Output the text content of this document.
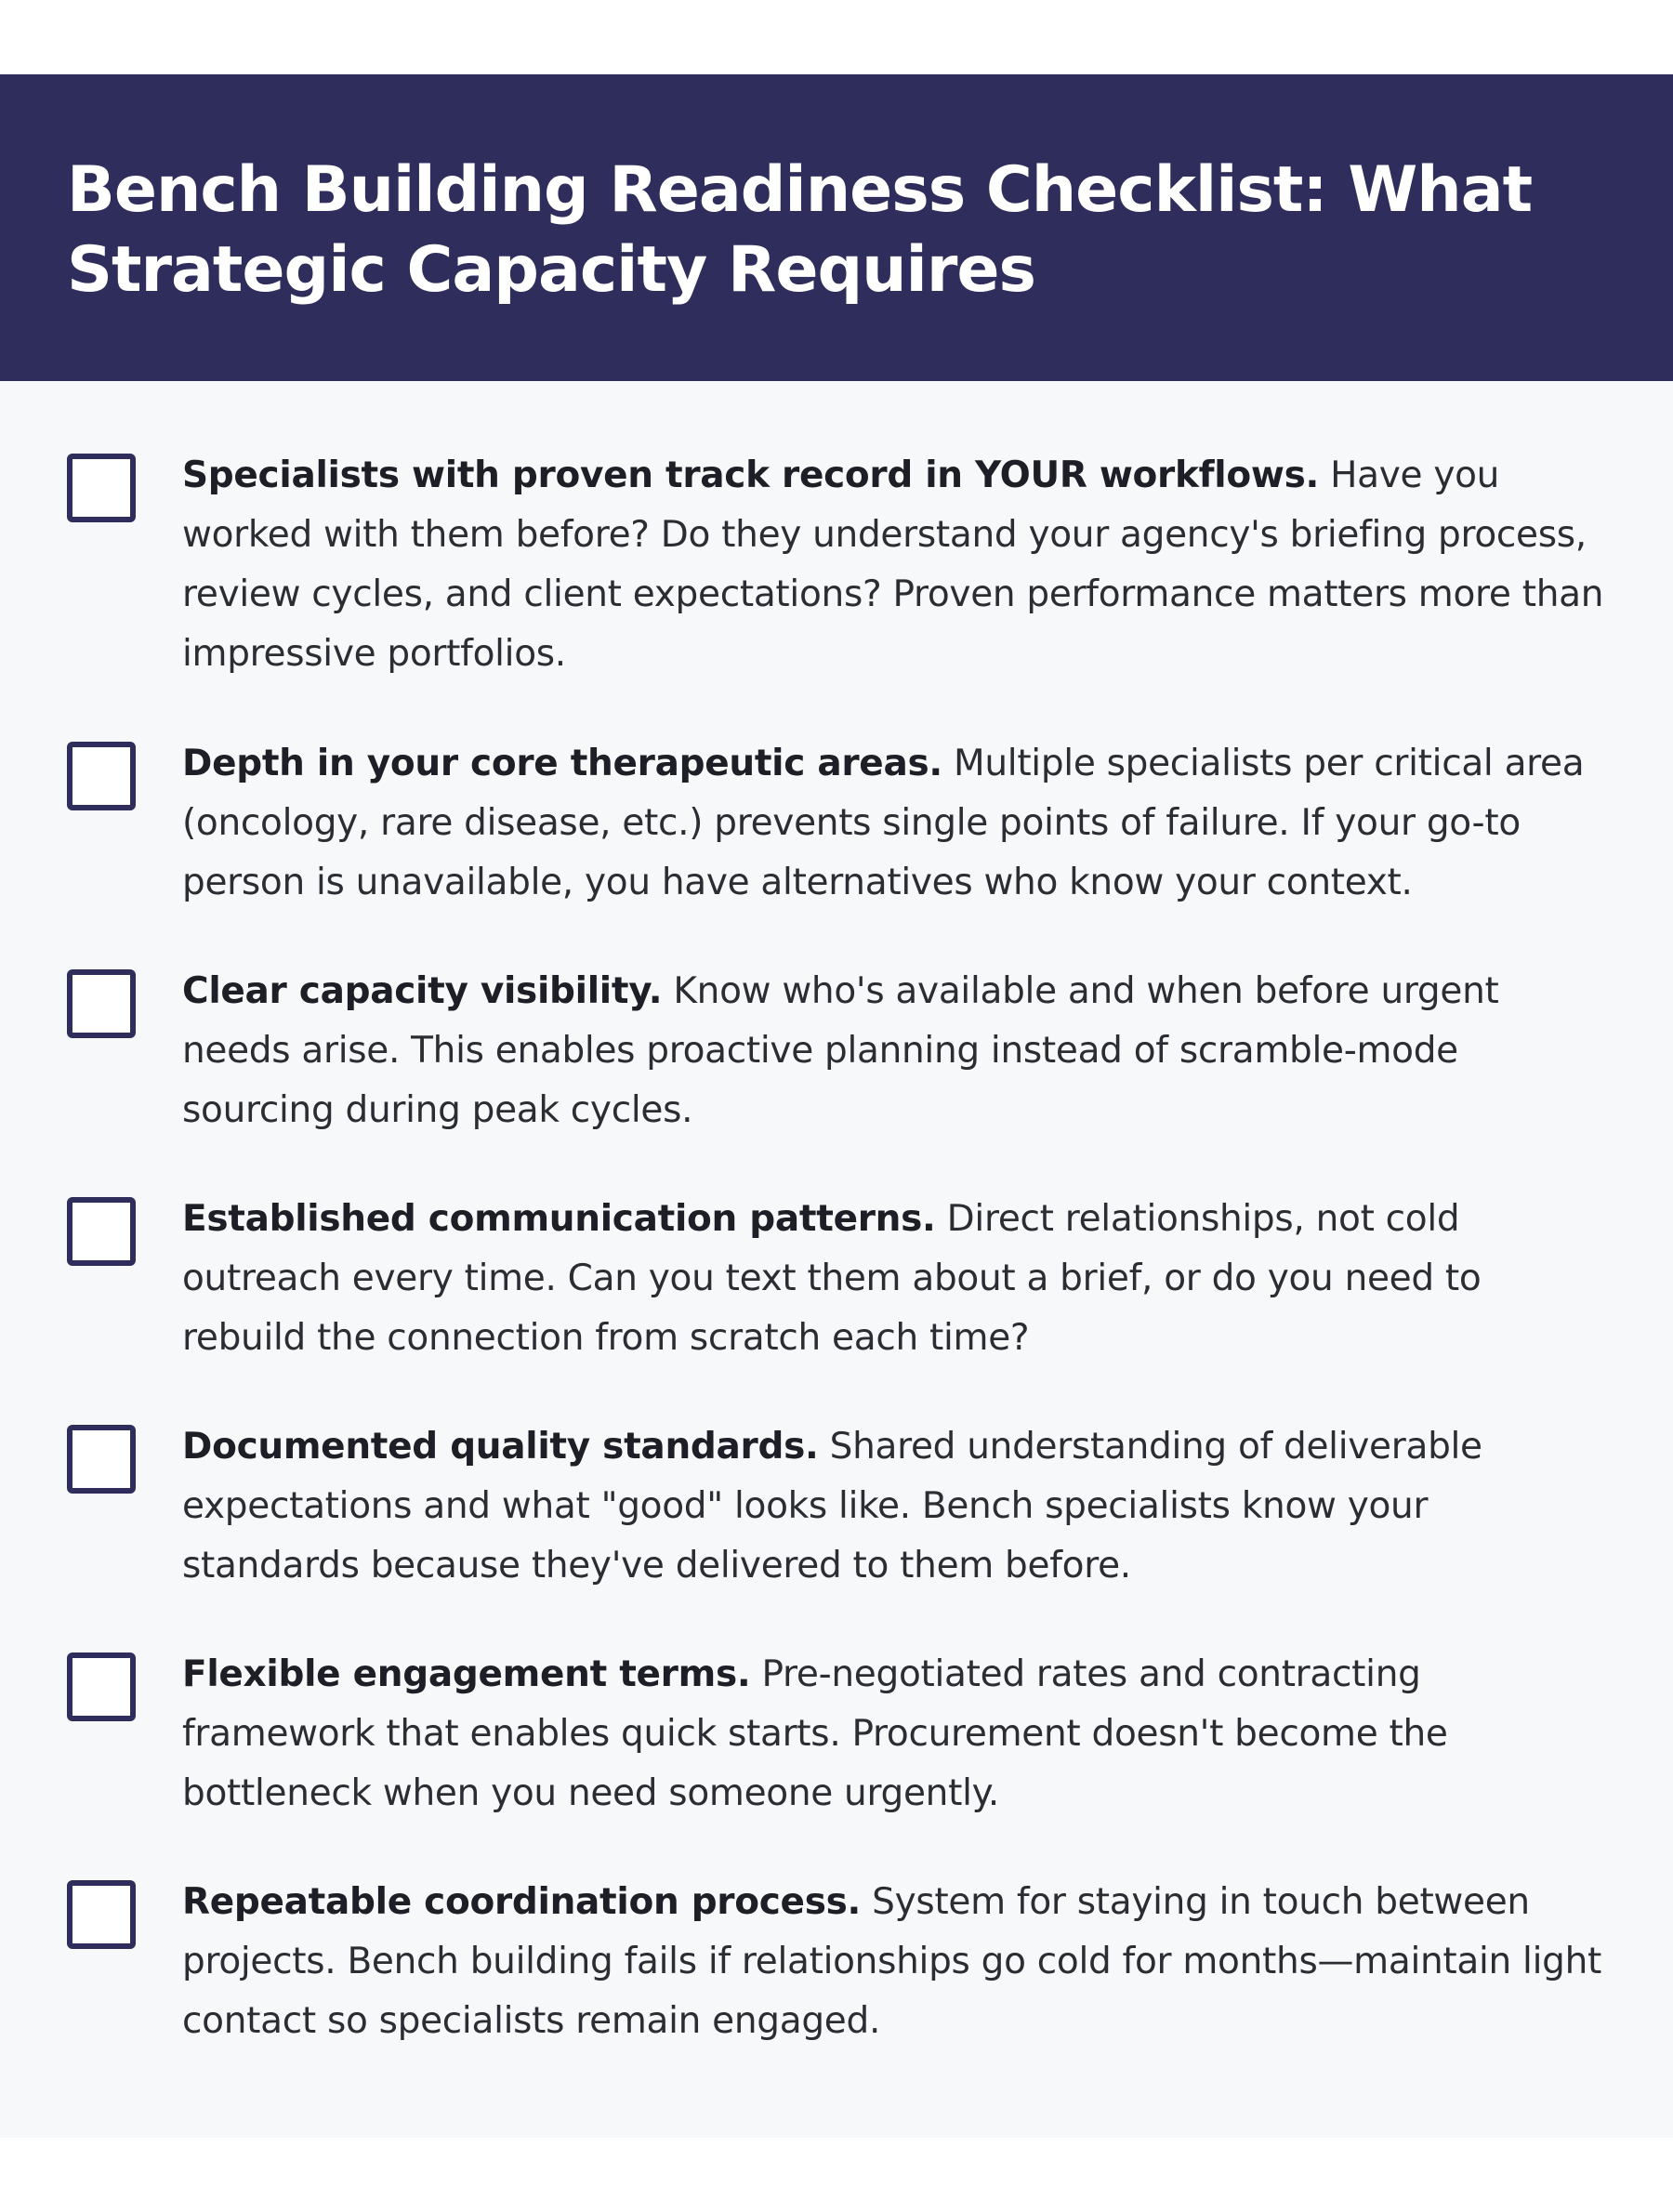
Bench Building Readiness Checklist: What Strategic Capacity Requires

Specialists with proven track record in YOUR workflows. Have you worked with them before? Do they understand your agency's briefing process, review cycles, and client expectations? Proven performance matters more than impressive portfolios.

Depth in your core therapeutic areas. Multiple specialists per critical area (oncology, rare disease, etc.) prevents single points of failure. If your go-to person is unavailable, you have alternatives who know your context.

Clear capacity visibility. Know who's available and when before urgent needs arise. This enables proactive planning instead of scramble-mode sourcing during peak cycles.

Established communication patterns. Direct relationships, not cold outreach every time. Can you text them about a brief, or do you need to rebuild the connection from scratch each time?

Documented quality standards. Shared understanding of deliverable expectations and what "good" looks like. Bench specialists know your standards because they've delivered to them before.

Flexible engagement terms. Pre-negotiated rates and contracting framework that enables quick starts. Procurement doesn't become the bottleneck when you need someone urgently.

Repeatable coordination process. System for staying in touch between projects. Bench building fails if relationships go cold for months—maintain light contact so specialists remain engaged.
